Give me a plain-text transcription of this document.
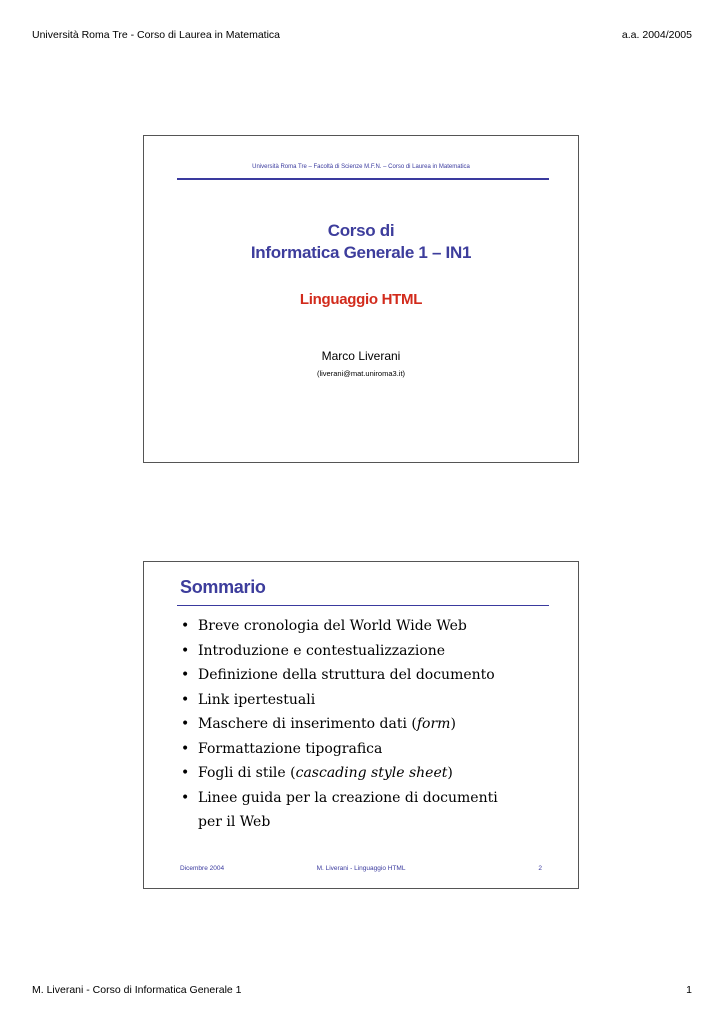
Università Roma Tre - Corso di Laurea in Matematica	a.a. 2004/2005
Università Roma Tre – Facoltà di Scienze M.F.N. – Corso di Laurea in Matematica
Corso di
Informatica Generale 1 – IN1
Linguaggio HTML
Marco Liverani
(liverani@mat.uniroma3.it)
Sommario
• Breve cronologia del World Wide Web
• Introduzione e contestualizzazione
• Definizione della struttura del documento
• Link ipertestuali
• Maschere di inserimento dati (form)
• Formattazione tipografica
• Fogli di stile (cascading style sheet)
• Linee guida per la creazione di documenti
per il Web
Dicembre 2004	M. Liverani - Linguaggio HTML	2
M. Liverani - Corso di Informatica Generale 1	1
